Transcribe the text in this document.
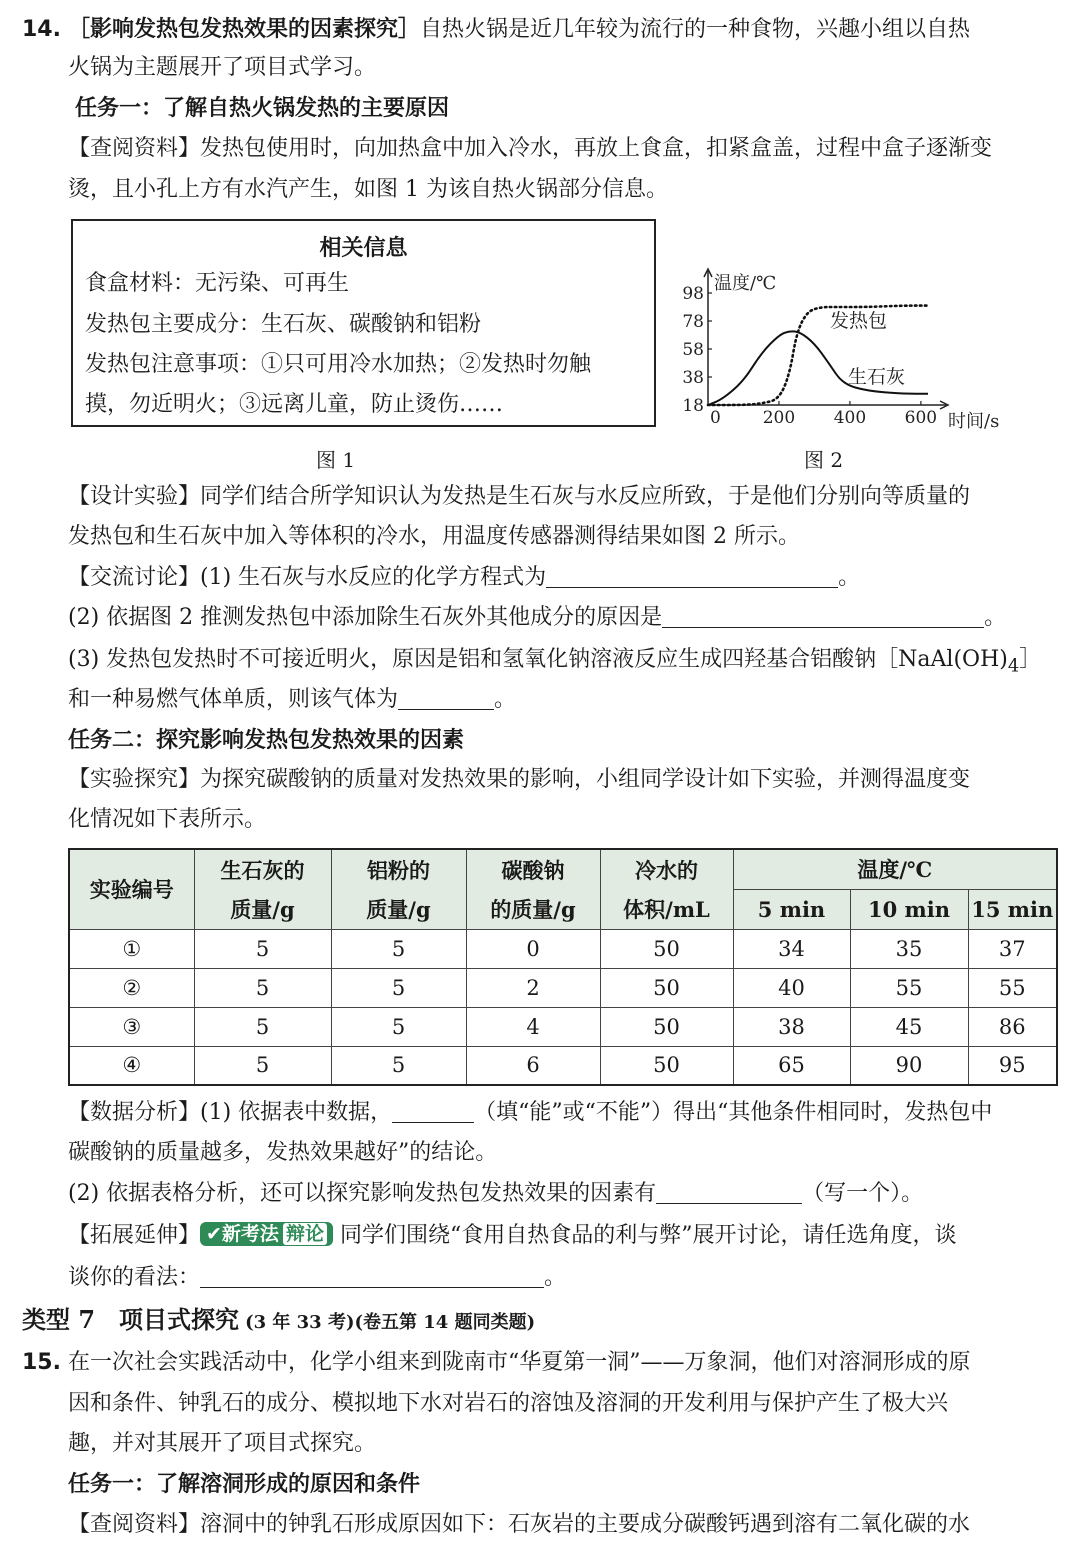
14. ［影响发热包发热效果的因素探究］自热火锅是近几年较为流行的一种食物，兴趣小组以自热
火锅为主题展开了项目式学习。
任务一：了解自热火锅发热的主要原因
【查阅资料】发热包使用时，向加热盒中加入冷水，再放上食盒，扣紧盒盖，过程中盒子逐渐变
烫，且小孔上方有水汽产生，如图 1 为该自热火锅部分信息。
相关信息
食盒材料：无污染、可再生
发热包主要成分：生石灰、碳酸钠和铝粉
发热包注意事项：①只可用冷水加热；②发热时勿触
摸，勿近明火；③远离儿童，防止烫伤……
图 1
18
38
58
78
98
0 200 400 600
温度/℃
时间/s
发热包
生石灰
图 2
【设计实验】同学们结合所学知识认为发热是生石灰与水反应所致，于是他们分别向等质量的
发热包和生石灰中加入等体积的冷水，用温度传感器测得结果如图 2 所示。
【交流讨论】(1) 生石灰与水反应的化学方程式为	。
(2) 依据图 2 推测发热包中添加除生石灰外其他成分的原因是	。
(3) 发热包发热时不可接近明火，原因是铝和氢氧化钠溶液反应生成四羟基合铝酸钠$[NaAl(OH)_4]$
和一种易燃气体单质，则该气体为	。
任务二：探究影响发热包发热效果的因素
【实验探究】为探究碳酸钠的质量对发热效果的影响，小组同学设计如下实验，并测得温度变
化情况如下表所示。
实验编号	生石灰的	铝粉的	碳酸钠	冷水的	温度/℃		
	质量/g	质量/g	的质量/g	体积/mL	5 min	10 min	15 min
①	5	5	0	50	34	35	37
②	5	5	2	50	40	55	55
③	5	5	4	50	38	45	86
④	5	5	6	50	65	90	95
【数据分析】(1) 依据表中数据，	（填“能”或“不能”）得出“其他条件相同时，发热包中
碳酸钠的质量越多，发热效果越好”的结论。
(2) 依据表格分析，还可以探究影响发热包发热效果的因素有	（写一个）。
【拓展延伸】 ✔新考法 辩论 同学们围绕“食用自热食品的利与弊”展开讨论，请任选角度，谈
谈你的看法：	。
类型 7　项目式探究 (3 年 33 考)(卷五第 14 题同类题)
15. 在一次社会实践活动中，化学小组来到陇南市“华夏第一洞”——万象洞，他们对溶洞形成的原
因和条件、钟乳石的成分、模拟地下水对岩石的溶蚀及溶洞的开发利用与保护产生了极大兴
趣，并对其展开了项目式探究。
任务一：了解溶洞形成的原因和条件
【查阅资料】溶洞中的钟乳石形成原因如下：石灰岩的主要成分碳酸钙遇到溶有二氧化碳的水
